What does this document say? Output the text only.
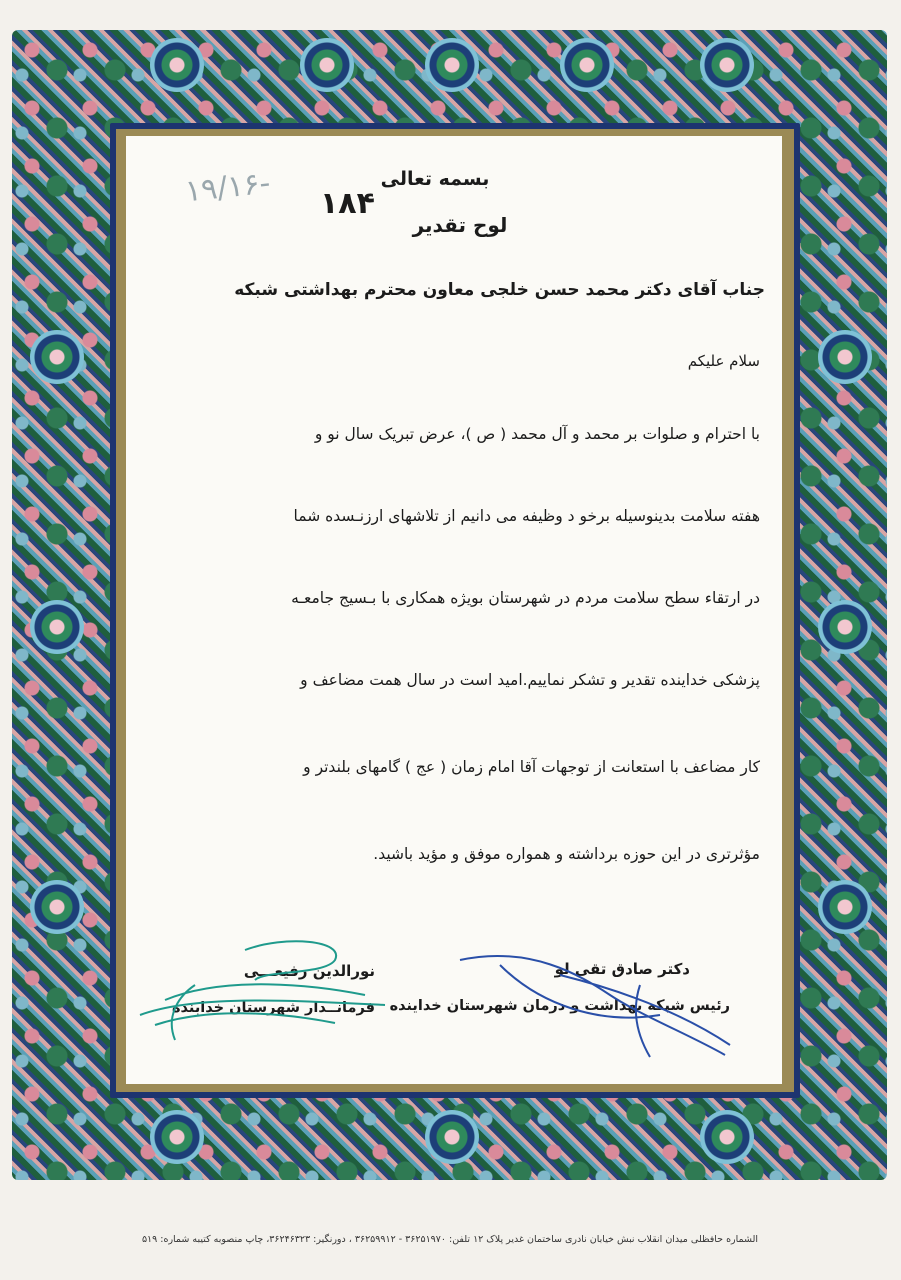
بسمه تعالی
۱۸۴
۱۹/۱۶-
لوح تقدیر
جناب آقای دکتر محمد حسن خلجی معاون محترم بهداشتی شبکه
سلام علیکم
با احترام و صلوات بر محمد و آل محمد ( ص )، عرض تبریک سال نو و
هفته سلامت بدینوسیله برخو د وظیفه می دانیم از تلاشهای ارزنـسده شما
در ارتقاء سطح سلامت مردم در شهرستان بویژه همکاری با بـسیج جامعـه
پزشکی خداینده تقدیر و تشکر نماییم.امید است در سال همت مضاعف و
کار مضاعف با استعانت از توجهات آقا امام زمان ( عج ) گامهای بلندتر و
مؤثرتری در این حوزه برداشته و همواره موفق و مؤید باشید.
دکتر صادق تقی لو
رئیس شبکه بهداشت و درمان شهرستان خداینده
نورالدین رفیعـــی
فرمانــدار شهرستان خدابنده
الشماره حافظلی میدان انقلاب نبش خیابان نادری ساختمان غدیر پلاک ۱۲ تلفن: ۳۶۲۵۱۹۷۰ - ۳۶۲۵۹۹۱۲ ، دورنگیر: ۳۶۲۴۶۳۲۳، چاپ منصوبه کتیبه شماره: ۵۱۹
